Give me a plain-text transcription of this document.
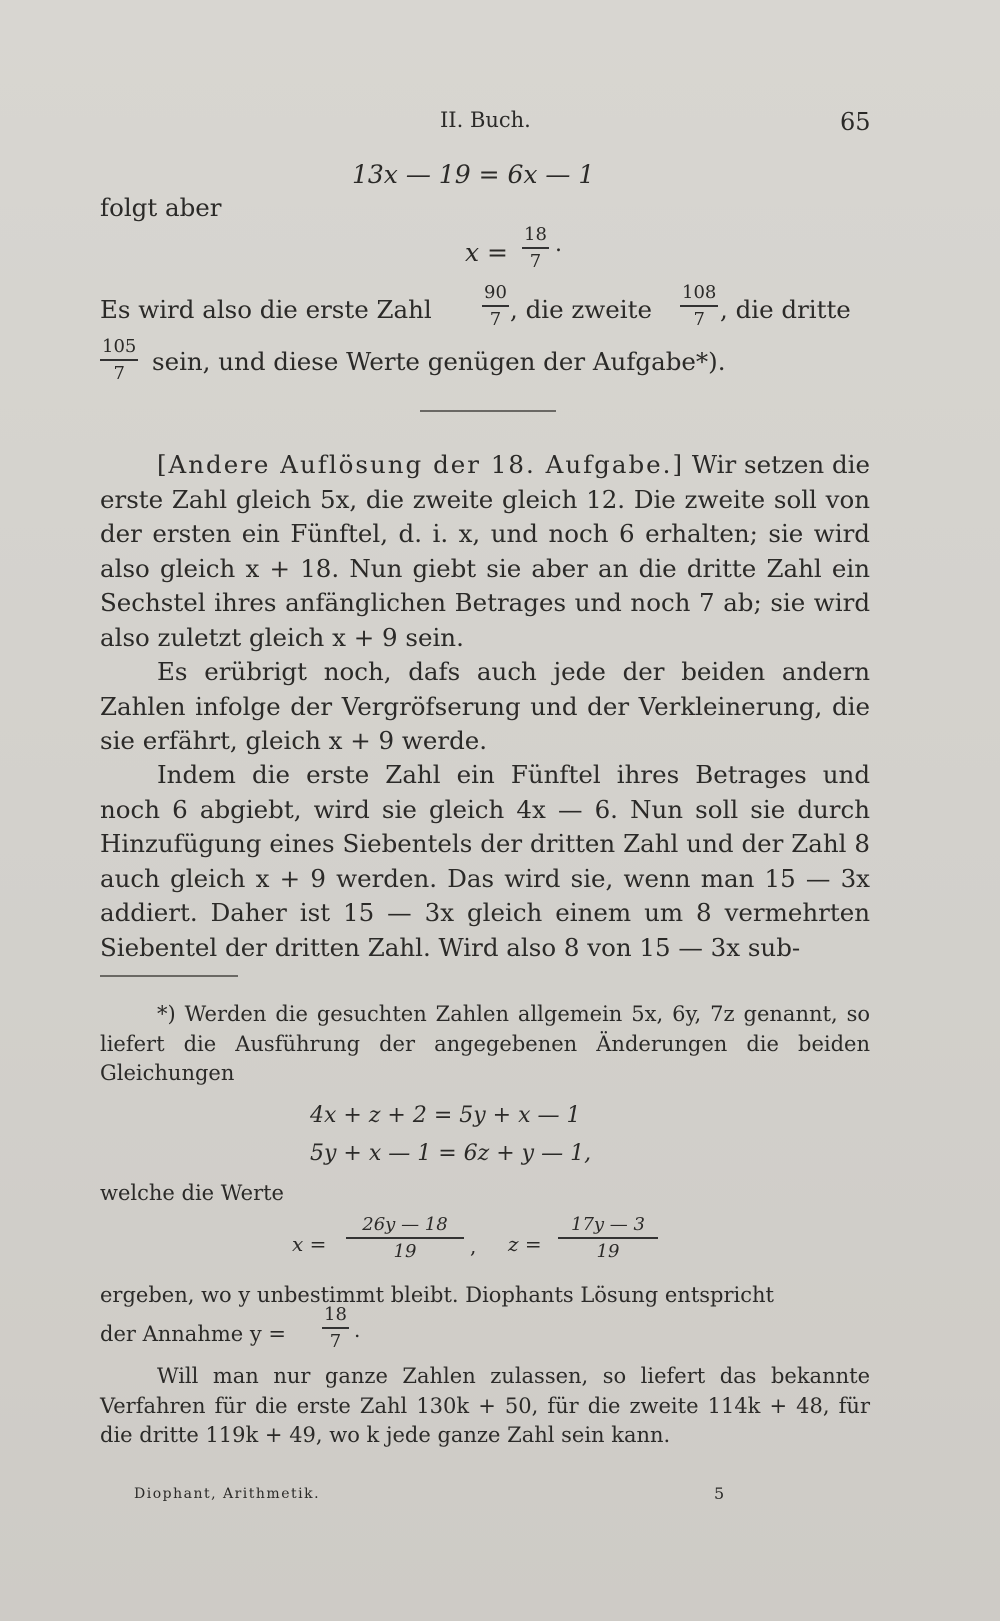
II. Buch.	65
13x — 19 = 6x — 1
folgt aber
x =
18
7
.
Es wird also die erste Zahl
90
7 , die zweite
108
7 , die dritte
105
7	sein, und diese Werte genügen der Aufgabe*).
[Andere Auflösung der 18. Aufgabe.] Wir setzen die erste Zahl gleich 5x, die zweite gleich 12. Die zweite soll von der ersten ein Fünftel, d. i. x, und noch 6 erhalten; sie wird also gleich x + 18. Nun giebt sie aber an die dritte Zahl ein Sechstel ihres anfänglichen Betrages und noch 7 ab; sie wird also zuletzt gleich x + 9 sein.
Es erübrigt noch, dafs auch jede der beiden andern Zahlen infolge der Vergröfserung und der Verkleinerung, die sie erfährt, gleich x + 9 werde.
Indem die erste Zahl ein Fünftel ihres Betrages und noch 6 abgiebt, wird sie gleich 4x — 6. Nun soll sie durch Hinzufügung eines Siebentels der dritten Zahl und der Zahl 8 auch gleich x + 9 werden. Das wird sie, wenn man 15 — 3x addiert. Daher ist 15 — 3x gleich einem um 8 vermehrten Siebentel der dritten Zahl. Wird also 8 von 15 — 3x sub-
*) Werden die gesuchten Zahlen allgemein 5x, 6y, 7z genannt, so liefert die Ausführung der angegebenen Änderungen die beiden Gleichungen
4x + z + 2 = 5y + x — 1
5y + x — 1 = 6z + y — 1,
welche die Werte
x =
26y — 18
19	, z =
17y — 3
19
ergeben, wo y unbestimmt bleibt. Diophants Lösung entspricht
der Annahme y =
18
7 .
Will man nur ganze Zahlen zulassen, so liefert das bekannte Verfahren für die erste Zahl 130k + 50, für die zweite 114k + 48, für die dritte 119k + 49, wo k jede ganze Zahl sein kann.
Diophant, Arithmetik.	5
